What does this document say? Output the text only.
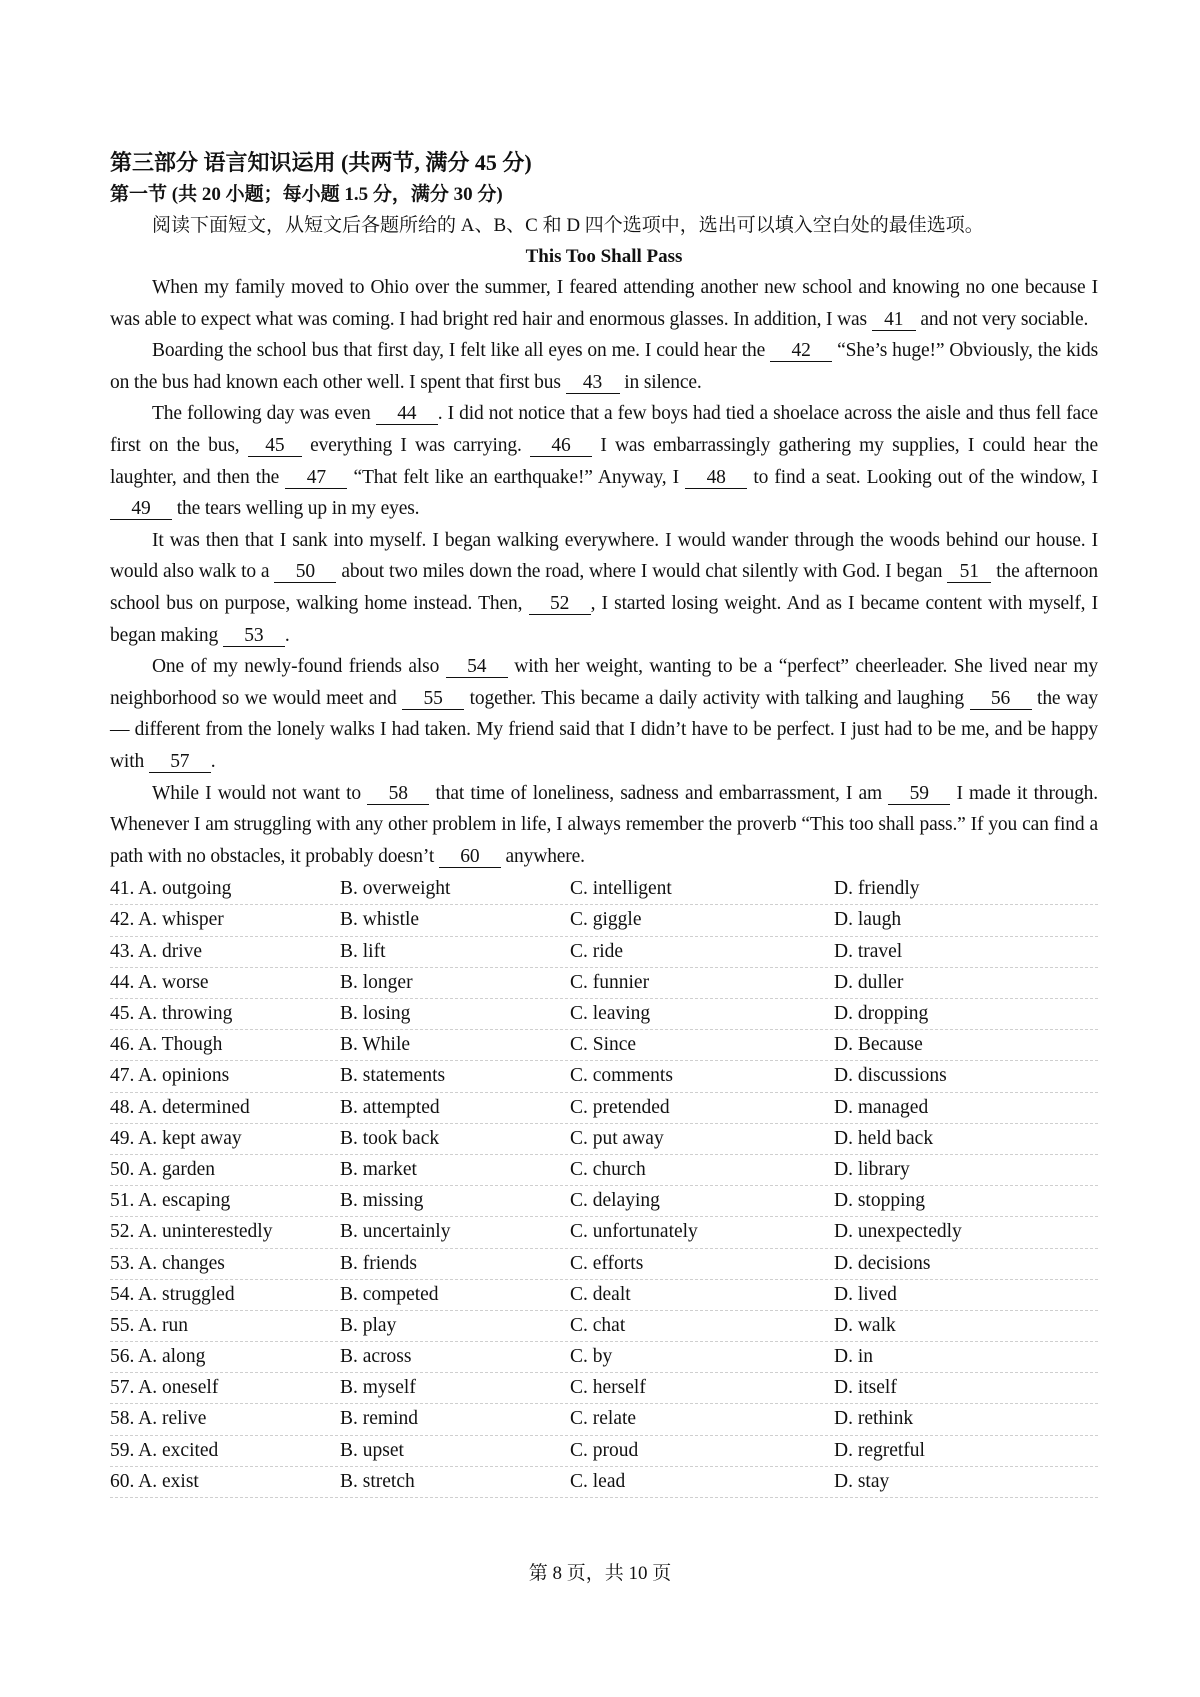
第三部分 语言知识运用 (共两节, 满分 45 分)

第一节 (共 20 小题；每小题 1.5 分，满分 30 分)

阅读下面短文，从短文后各题所给的 A、B、C 和 D 四个选项中，选出可以填入空白处的最佳选项。

This Too Shall Pass

When my family moved to Ohio over the summer, I feared attending another new school and knowing no one because I was able to expect what was coming. I had bright red hair and enormous glasses. In addition, I was 41 and not very sociable.

Boarding the school bus that first day, I felt like all eyes on me. I could hear the 42 “She’s huge!” Obviously, the kids on the bus had known each other well. I spent that first bus 43 in silence.

The following day was even 44 . I did not notice that a few boys had tied a shoelace across the aisle and thus fell face first on the bus, 45 everything I was carrying. 46 I was embarrassingly gathering my supplies, I could hear the laughter, and then the 47 “That felt like an earthquake!” Anyway, I 48 to find a seat. Looking out of the window, I 49 the tears welling up in my eyes.

It was then that I sank into myself. I began walking everywhere. I would wander through the woods behind our house. I would also walk to a 50 about two miles down the road, where I would chat silently with God. I began 51 the afternoon school bus on purpose, walking home instead. Then, 52 , I started losing weight. And as I became content with myself, I began making 53 .

One of my newly-found friends also 54 with her weight, wanting to be a “perfect” cheerleader. She lived near my neighborhood so we would meet and 55 together. This became a daily activity with talking and laughing 56 the way — different from the lonely walks I had taken. My friend said that I didn’t have to be perfect. I just had to be me, and be happy with 57 .

While I would not want to 58 that time of loneliness, sadness and embarrassment, I am 59 I made it through. Whenever I am struggling with any other problem in life, I always remember the proverb “This too shall pass.” If you can find a path with no obstacles, it probably doesn’t 60 anywhere.

41. A. outgoing	B. overweight	C. intelligent	D. friendly
42. A. whisper	B. whistle	C. giggle	D. laugh
43. A. drive	B. lift	C. ride	D. travel
44. A. worse	B. longer	C. funnier	D. duller
45. A. throwing	B. losing	C. leaving	D. dropping
46. A. Though	B. While	C. Since	D. Because
47. A. opinions	B. statements	C. comments	D. discussions
48. A. determined	B. attempted	C. pretended	D. managed
49. A. kept away	B. took back	C. put away	D. held back
50. A. garden	B. market	C. church	D. library
51. A. escaping	B. missing	C. delaying	D. stopping
52. A. uninterestedly	B. uncertainly	C. unfortunately	D. unexpectedly
53. A. changes	B. friends	C. efforts	D. decisions
54. A. struggled	B. competed	C. dealt	D. lived
55. A. run	B. play	C. chat	D. walk
56. A. along	B. across	C. by	D. in
57. A. oneself	B. myself	C. herself	D. itself
58. A. relive	B. remind	C. relate	D. rethink
59. A. excited	B. upset	C. proud	D. regretful
60. A. exist	B. stretch	C. lead	D. stay
第 8 页，共 10 页
